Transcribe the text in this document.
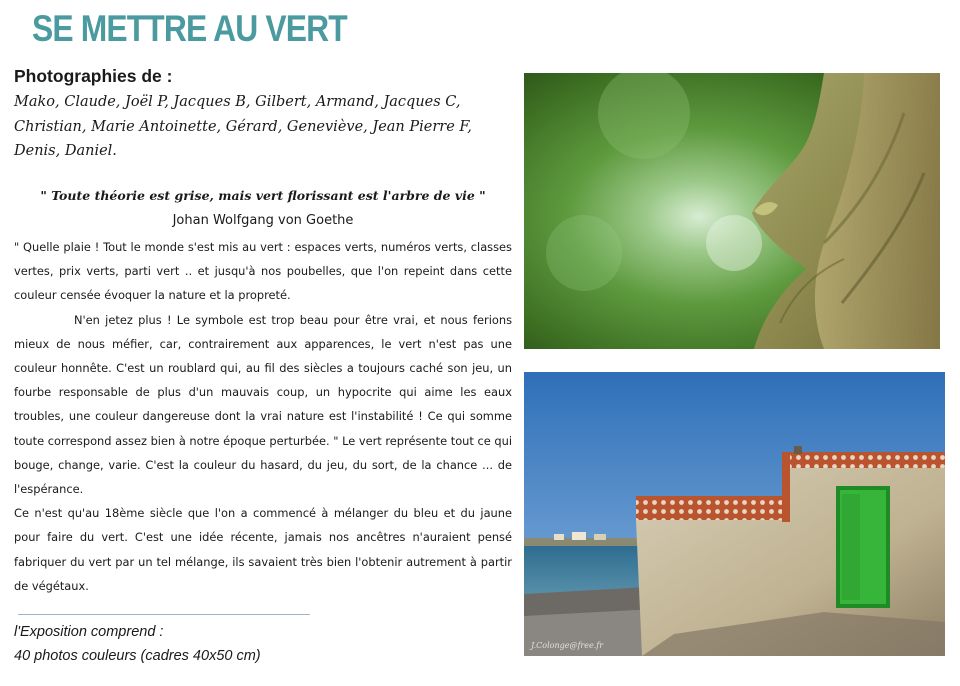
SE METTRE AU VERT
Photographies de :
Mako, Claude, Joël P, Jacques B, Gilbert, Armand, Jacques C, Christian, Marie Antoinette, Gérard, Geneviève, Jean Pierre F, Denis, Daniel.
" Toute théorie est grise, mais vert florissant est l'arbre de vie "
Johan Wolfgang von Goethe

" Quelle plaie ! Tout le monde s'est mis au vert : espaces verts, numéros verts, classes vertes, prix verts, parti vert .. et jusqu'à nos poubelles, que l'on repeint dans cette couleur censée évoquer la nature et la propreté.

N'en jetez plus ! Le symbole est trop beau pour être vrai, et nous ferions mieux de nous méfier, car, contrairement aux apparences, le vert n'est pas une couleur honnête. C'est un roublard qui, au fil des siècles a toujours caché son jeu, un fourbe responsable de plus d'un mauvais coup, un hypocrite qui aime les eaux troubles, une couleur dangereuse dont la vrai nature est l'instabilité ! Ce qui somme toute correspond assez bien à notre époque perturbée. " Le vert représente tout ce qui bouge, change, varie. C'est la couleur du hasard, du jeu, du sort, de la chance ... de l'espérance.

Ce n'est qu'au 18ème siècle que l'on a commencé à mélanger du bleu et du jaune pour faire du vert. C'est une idée récente, jamais nos ancêtres n'auraient pensé fabriquer du vert par un tel mélange, ils savaient très bien l'obtenir autrement à partir de végétaux.

l'Exposition comprend :
40 photos couleurs (cadres 40x50 cm)
J.Colonge@free.fr
